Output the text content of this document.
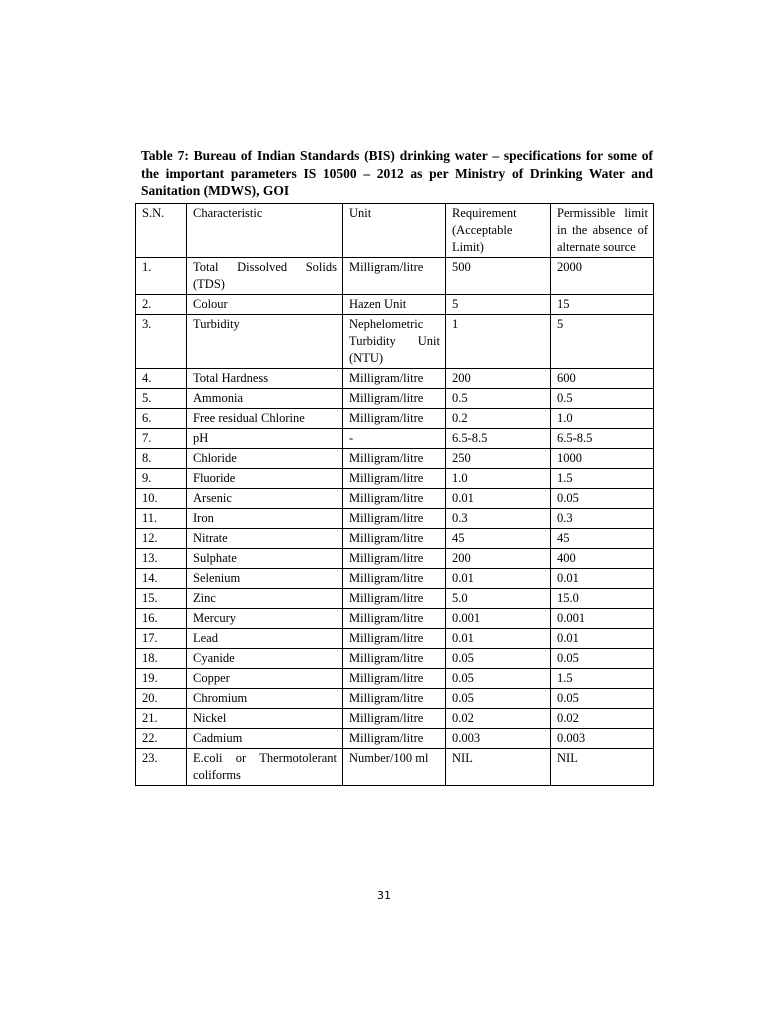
Table 7: Bureau of Indian Standards (BIS) drinking water – specifications for some of the important parameters IS 10500 – 2012 as per Ministry of Drinking Water and Sanitation (MDWS), GOI
S.N.	Characteristic	Unit	Requirement (Acceptable Limit)	Permissible limit in the absence of alternate source
1.	Total Dissolved Solids (TDS)	Milligram/litre	500	2000
2.	Colour	Hazen Unit	5	15
3.	Turbidity	Nephelometric Turbidity Unit (NTU)	1	5
4.	Total Hardness	Milligram/litre	200	600
5.	Ammonia	Milligram/litre	0.5	0.5
6.	Free residual Chlorine	Milligram/litre	0.2	1.0
7.	pH	-	6.5-8.5	6.5-8.5
8.	Chloride	Milligram/litre	250	1000
9.	Fluoride	Milligram/litre	1.0	1.5
10.	Arsenic	Milligram/litre	0.01	0.05
11.	Iron	Milligram/litre	0.3	0.3
12.	Nitrate	Milligram/litre	45	45
13.	Sulphate	Milligram/litre	200	400
14.	Selenium	Milligram/litre	0.01	0.01
15.	Zinc	Milligram/litre	5.0	15.0
16.	Mercury	Milligram/litre	0.001	0.001
17.	Lead	Milligram/litre	0.01	0.01
18.	Cyanide	Milligram/litre	0.05	0.05
19.	Copper	Milligram/litre	0.05	1.5
20.	Chromium	Milligram/litre	0.05	0.05
21.	Nickel	Milligram/litre	0.02	0.02
22.	Cadmium	Milligram/litre	0.003	0.003
23.	E.coli or Thermotolerant coliforms	Number/100 ml	NIL	NIL
31
